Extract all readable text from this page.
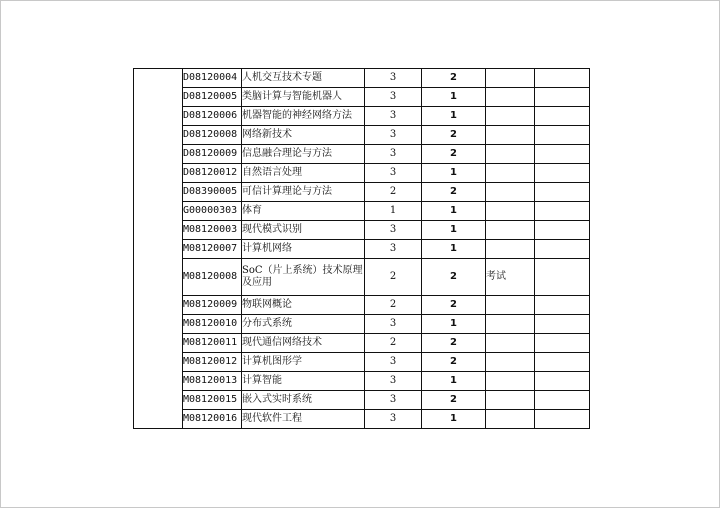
	D08120004	人机交互技术专题	3	2		
	D08120005	类脑计算与智能机器人	3	1		
	D08120006	机器智能的神经网络方法	3	1		
	D08120008	网络新技术	3	2		
	D08120009	信息融合理论与方法	3	2		
	D08120012	自然语言处理	3	1		
	D08390005	可信计算理论与方法	2	2		
	G00000303	体育	1	1		
	M08120003	现代模式识别	3	1		
	M08120007	计算机网络	3	1		
	M08120008	SoC（片上系统）技术原理及应用	2	2	考试	
	M08120009	物联网概论	2	2		
	M08120010	分布式系统	3	1		
	M08120011	现代通信网络技术	2	2		
	M08120012	计算机图形学	3	2		
	M08120013	计算智能	3	1		
	M08120015	嵌入式实时系统	3	2		
	M08120016	现代软件工程	3	1		
